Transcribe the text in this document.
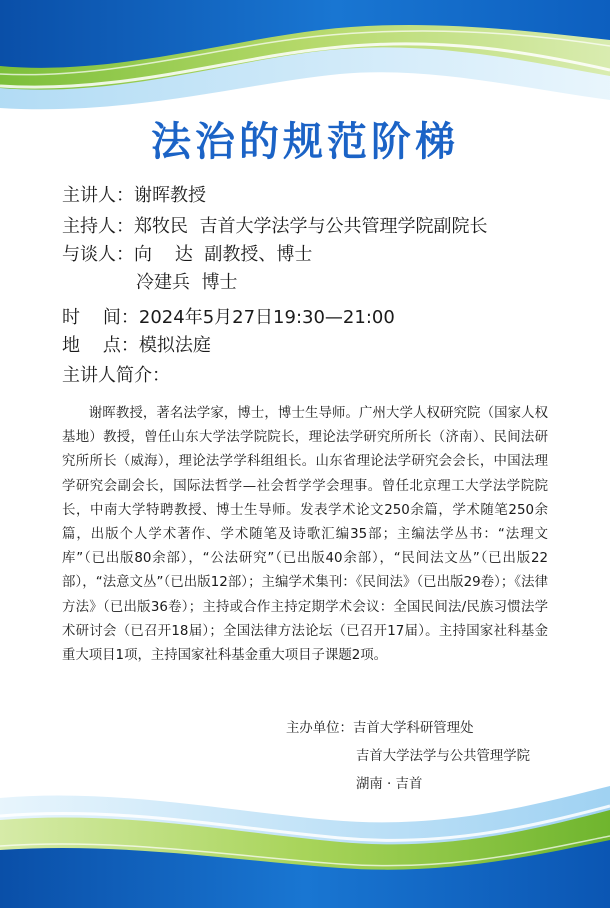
法治的规范阶梯
主讲人：谢晖教授
主持人：郑牧民  吉首大学法学与公共管理学院副院长
与谈人：向    达  副教授、博士
冷建兵  博士
时    间：2024年5月27日19:30—21:00
地    点：模拟法庭
主讲人简介：

谢晖教授，著名法学家，博士，博士生导师。广州大学人权研究院（国家人权基地）教授，曾任山东大学法学院院长，理论法学研究所所长（济南）、民间法研究所所长（威海），理论法学学科组组长。山东省理论法学研究会会长，中国法理学研究会副会长，国际法哲学—社会哲学学会理事。曾任北京理工大学法学院院长，中南大学特聘教授、博士生导师。发表学术论文250余篇，学术随笔250余篇，出版个人学术著作、学术随笔及诗歌汇编35部；主编法学丛书：“法理文库”（已出版80余部），“公法研究”（已出版40余部），“民间法文丛”（已出版22部），“法意文丛”（已出版12部）；主编学术集刊：《民间法》（已出版29卷）；《法律方法》（已出版36卷）；主持或合作主持定期学术会议：全国民间法/民族习惯法学术研讨会（已召开18届）；全国法律方法论坛（已召开17届）。主持国家社科基金重大项目1项，主持国家社科基金重大项目子课题2项。

主办单位：吉首大学科研管理处
吉首大学法学与公共管理学院
湖南 · 吉首
